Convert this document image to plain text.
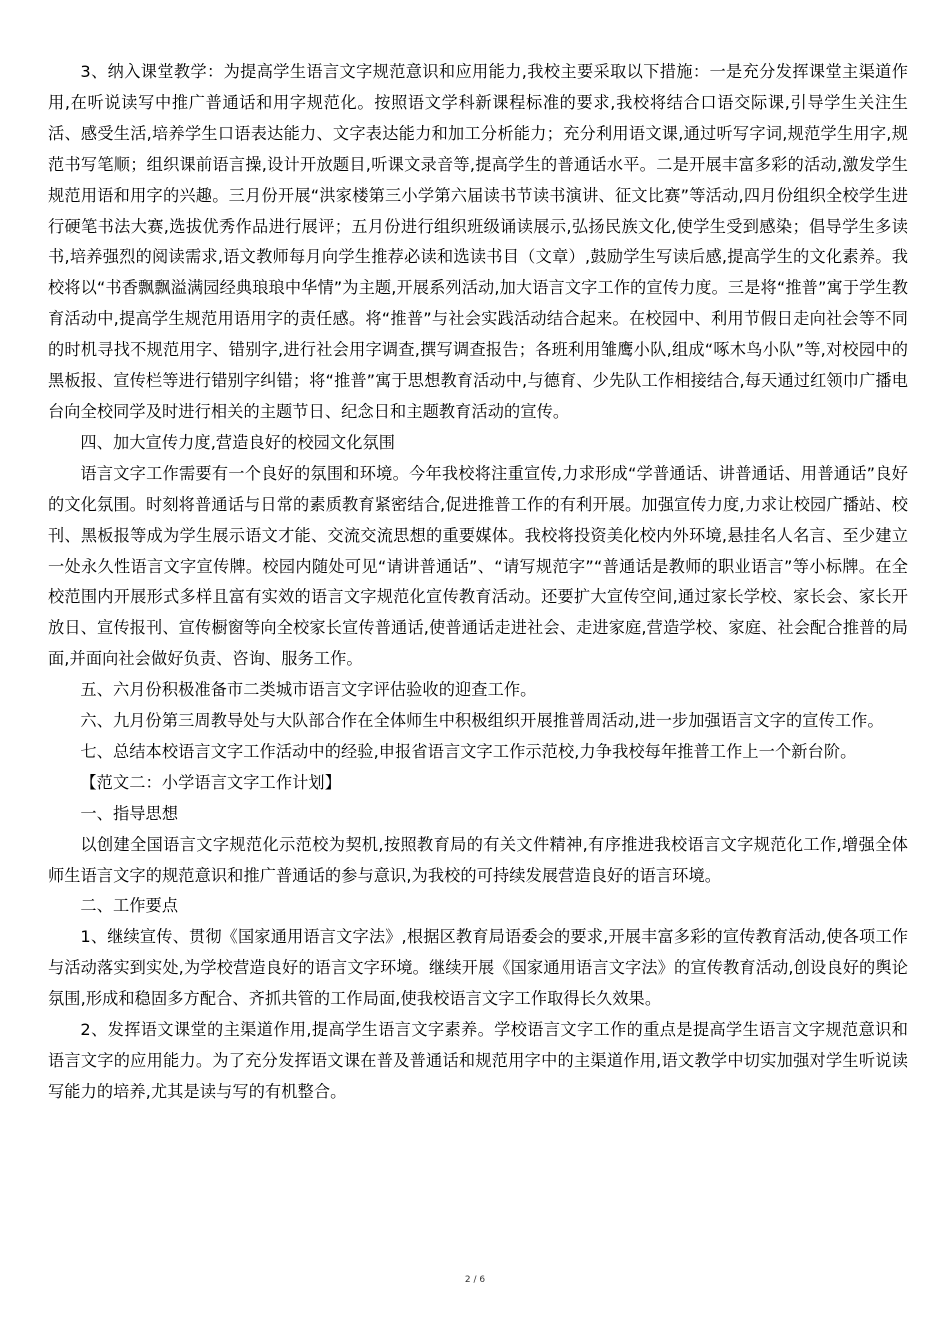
3、纳入课堂教学：为提高学生语言文字规范意识和应用能力,我校主要采取以下措施：一是充分发挥课堂主渠道作用,在听说读写中推广普通话和用字规范化。按照语文学科新课程标准的要求,我校将结合口语交际课,引导学生关注生活、感受生活,培养学生口语表达能力、文字表达能力和加工分析能力；充分利用语文课,通过听写字词,规范学生用字,规范书写笔顺；组织课前语言操,设计开放题目,听课文录音等,提高学生的普通话水平。二是开展丰富多彩的活动,激发学生规范用语和用字的兴趣。三月份开展“洪家楼第三小学第六届读书节读书演讲、征文比赛”等活动,四月份组织全校学生进行硬笔书法大赛,选拔优秀作品进行展评；五月份进行组织班级诵读展示,弘扬民族文化,使学生受到感染；倡导学生多读书,培养强烈的阅读需求,语文教师每月向学生推荐必读和选读书目（文章）,鼓励学生写读后感,提高学生的文化素养。我校将以“书香飘飘溢满园经典琅琅中华情”为主题,开展系列活动,加大语言文字工作的宣传力度。三是将“推普”寓于学生教育活动中,提高学生规范用语用字的责任感。将“推普”与社会实践活动结合起来。在校园中、利用节假日走向社会等不同的时机寻找不规范用字、错别字,进行社会用字调查,撰写调查报告；各班利用雏鹰小队,组成“啄木鸟小队”等,对校园中的黑板报、宣传栏等进行错别字纠错；将“推普”寓于思想教育活动中,与德育、少先队工作相接结合,每天通过红领巾广播电台向全校同学及时进行相关的主题节日、纪念日和主题教育活动的宣传。

四、加大宣传力度,营造良好的校园文化氛围

语言文字工作需要有一个良好的氛围和环境。今年我校将注重宣传,力求形成“学普通话、讲普通话、用普通话”良好的文化氛围。时刻将普通话与日常的素质教育紧密结合,促进推普工作的有利开展。加强宣传力度,力求让校园广播站、校刊、黑板报等成为学生展示语文才能、交流交流思想的重要媒体。我校将投资美化校内外环境,悬挂名人名言、至少建立一处永久性语言文字宣传牌。校园内随处可见“请讲普通话”、“请写规范字”“普通话是教师的职业语言”等小标牌。在全校范围内开展形式多样且富有实效的语言文字规范化宣传教育活动。还要扩大宣传空间,通过家长学校、家长会、家长开放日、宣传报刊、宣传橱窗等向全校家长宣传普通话,使普通话走进社会、走进家庭,营造学校、家庭、社会配合推普的局面,并面向社会做好负责、咨询、服务工作。

五、六月份积极准备市二类城市语言文字评估验收的迎查工作。

六、九月份第三周教导处与大队部合作在全体师生中积极组织开展推普周活动,进一步加强语言文字的宣传工作。

七、总结本校语言文字工作活动中的经验,申报省语言文字工作示范校,力争我校每年推普工作上一个新台阶。

【范文二：小学语言文字工作计划】

一、指导思想

以创建全国语言文字规范化示范校为契机,按照教育局的有关文件精神,有序推进我校语言文字规范化工作,增强全体师生语言文字的规范意识和推广普通话的参与意识,为我校的可持续发展营造良好的语言环境。

二、工作要点

1、继续宣传、贯彻《国家通用语言文字法》,根据区教育局语委会的要求,开展丰富多彩的宣传教育活动,使各项工作与活动落实到实处,为学校营造良好的语言文字环境。继续开展《国家通用语言文字法》的宣传教育活动,创设良好的舆论氛围,形成和稳固多方配合、齐抓共管的工作局面,使我校语言文字工作取得长久效果。

2、发挥语文课堂的主渠道作用,提高学生语言文字素养。学校语言文字工作的重点是提高学生语言文字规范意识和语言文字的应用能力。为了充分发挥语文课在普及普通话和规范用字中的主渠道作用,语文教学中切实加强对学生听说读写能力的培养,尤其是读与写的有机整合。

2 / 6
